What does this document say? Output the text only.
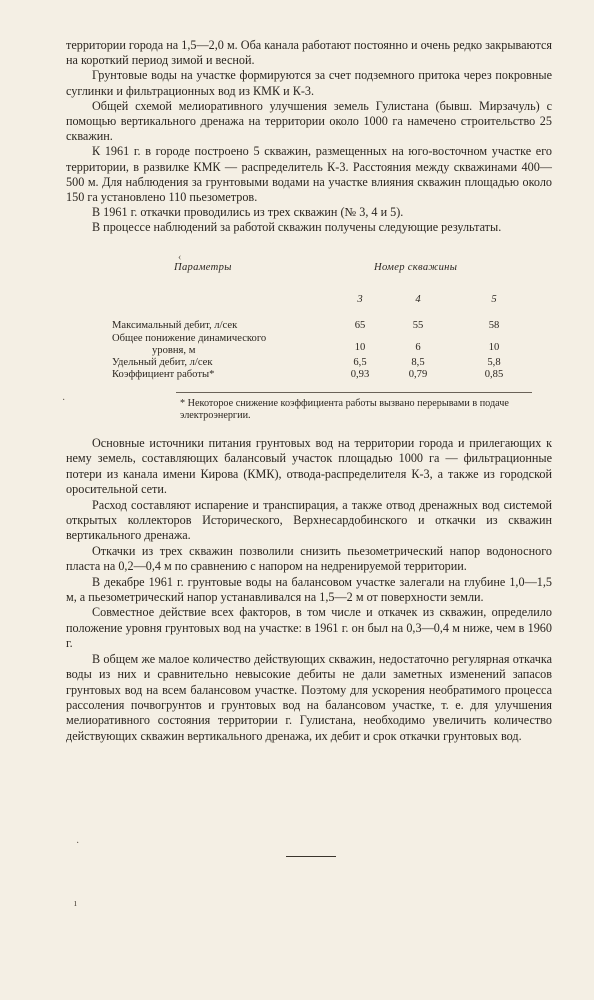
территории города на 1,5—2,0 м. Оба канала работают постоянно и очень редко закрываются на короткий период зимой и весной.

Грунтовые воды на участке формируются за счет подземного притока через покровные суглинки и фильтрационных вод из КМК и К-3.

Общей схемой мелиоративного улучшения земель Гулистана (бывш. Мирзачуль) с помощью вертикального дренажа на территории около 1000 га намечено строительство 25 скважин.

К 1961 г. в городе построено 5 скважин, размещенных на юго-восточном участке его территории, в развилке КМК — распределитель К-3. Расстояния между скважинами 400—500 м. Для наблюдения за грунтовыми водами на участке влияния скважин площадью около 150 га установлено 110 пьезометров.

В 1961 г. откачки проводились из трех скважин (№ 3, 4 и 5).

В процессе наблюдений за работой скважин получены следующие результаты.

Параметры	Номер скважины
3	4	5
Максимальный дебит, л/сек	65	55	58
Общее понижение динамического
уровня, м	10	6	10
Удельный дебит, л/сек	6,5	8,5	5,8
Коэффициент работы*	0,93	0,79	0,85
* Некоторое снижение коэффициента работы вызвано перерывами в подаче электроэнергии.

Основные источники питания грунтовых вод на территории города и прилегающих к нему земель, составляющих балансовый участок площадью 1000 га — фильтрационные потери из канала имени Кирова (КМК), отвода-распределителя К-3, а также из городской оросительной сети.

Расход составляют испарение и транспирация, а также отвод дренажных вод системой открытых коллекторов Исторического, Верхнесардобинского и откачки из скважин вертикального дренажа.

Откачки из трех скважин позволили снизить пьезометрический напор водоносного пласта на 0,2—0,4 м по сравнению с напором на недренируемой территории.

В декабре 1961 г. грунтовые воды на балансовом участке залегали на глубине 1,0—1,5 м, а пьезометрический напор устанавливался на 1,5—2 м от поверхности земли.

Совместное действие всех факторов, в том числе и откачек из скважин, определило положение уровня грунтовых вод на участке: в 1961 г. он был на 0,3—0,4 м ниже, чем в 1960 г.

В общем же малое количество действующих скважин, недостаточно регулярная откачка воды из них и сравнительно невысокие дебиты не дали заметных изменений запасов грунтовых вод на всем балансовом участке. Поэтому для ускорения необратимого процесса рассоления почвогрунтов и грунтовых вод на балансовом участке, т. е. для улучшения мелиоративного состояния территории г. Гулистана, необходимо увеличить количество действующих скважин вертикального дренажа, их дебит и срок откачки грунтовых вод.

‹
·
·
ı
